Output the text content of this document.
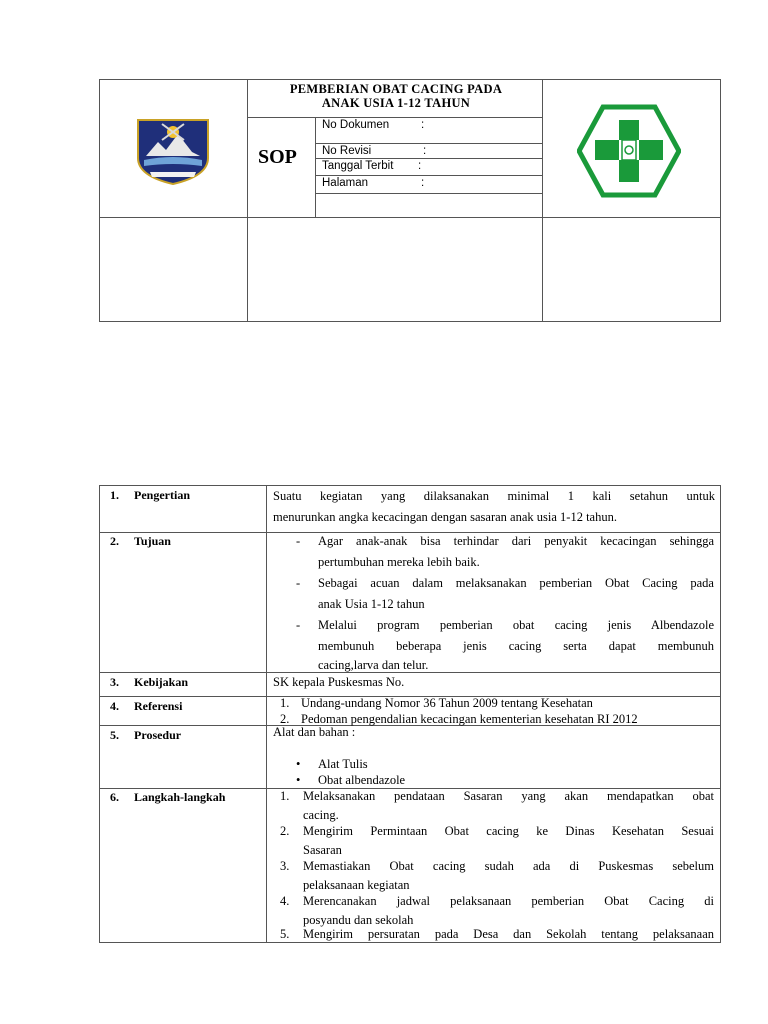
PEMBERIAN OBAT CACING PADA
ANAK USIA 1-12 TAHUN
SOP
No Dokumen	:
No Revisi	:
Tanggal Terbit :
Halaman	:
1. Pengertian	Suatu kegiatan yang dilaksanakan minimal 1 kali setahun untuk
menurunkan angka kecacingan dengan sasaran anak usia 1-12 tahun.
2. Tujuan	- Agar anak-anak bisa terhindar dari penyakit kecacingan sehingga
pertumbuhan mereka lebih baik.
- Sebagai acuan dalam melaksanakan pemberian Obat Cacing pada
anak Usia 1-12 tahun
- Melalui program pemberian obat cacing jenis Albendazole
membunuh beberapa jenis cacing serta dapat membunuh
cacing,larva dan telur.
3. Kebijakan	SK kepala Puskesmas No.
4. Referensi	1. Undang-undang Nomor 36 Tahun 2009 tentang Kesehatan
2. Pedoman pengendalian kecacingan kementerian kesehatan RI 2012
5. Prosedur	Alat dan bahan :
• Alat Tulis
• Obat albendazole
6. Langkah-langkah	1. Melaksanakan pendataan Sasaran yang akan mendapatkan obat
cacing.
2. Mengirim Permintaan Obat cacing ke Dinas Kesehatan Sesuai
Sasaran
3. Memastiakan Obat cacing sudah ada di Puskesmas sebelum
pelaksanaan kegiatan
4. Merencanakan jadwal pelaksanaan pemberian Obat Cacing di
posyandu dan sekolah
5. Mengirim persuratan pada Desa dan Sekolah tentang pelaksanaan
